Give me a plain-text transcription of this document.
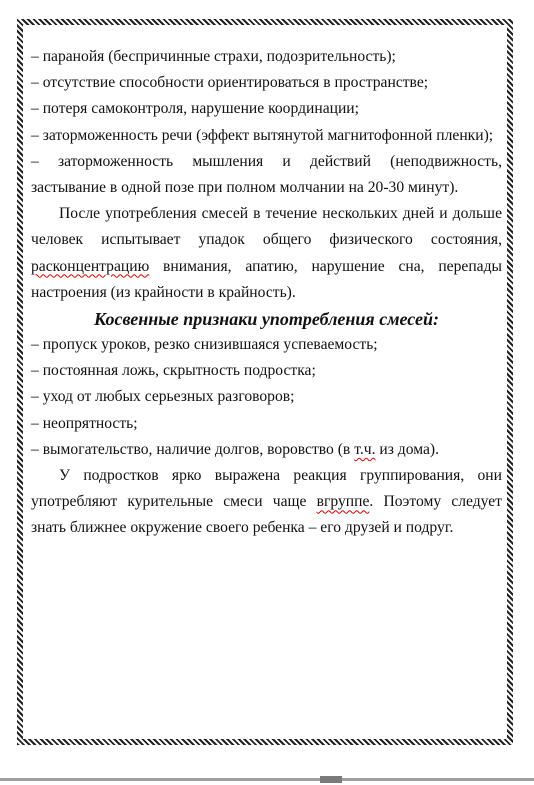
– паранойя (беспричинные страхи, подозрительность);

– отсутствие способности ориентироваться в пространстве;

– потеря самоконтроля, нарушение координации;

– заторможенность речи (эффект вытянутой магнитофонной пленки);

– заторможенность мышления и действий (неподвижность, застывание в одной позе при полном молчании на 20-30 минут).

После употребления смесей в течение нескольких дней и дольше человек испытывает упадок общего физического состояния, расконцентрацию внимания, апатию, нарушение сна, перепады настроения (из крайности в крайность).

Косвенные признаки употребления смесей:

– пропуск уроков, резко снизившаяся успеваемость;

– постоянная ложь, скрытность подростка;

– уход от любых серьезных разговоров;

– неопрятность;

– вымогательство, наличие долгов, воровство (в т.ч. из дома).

У подростков ярко выражена реакция группирования, они употребляют курительные смеси чаще вгруппе. Поэтому следует знать ближнее окружение своего ребенка – его друзей и подруг.
